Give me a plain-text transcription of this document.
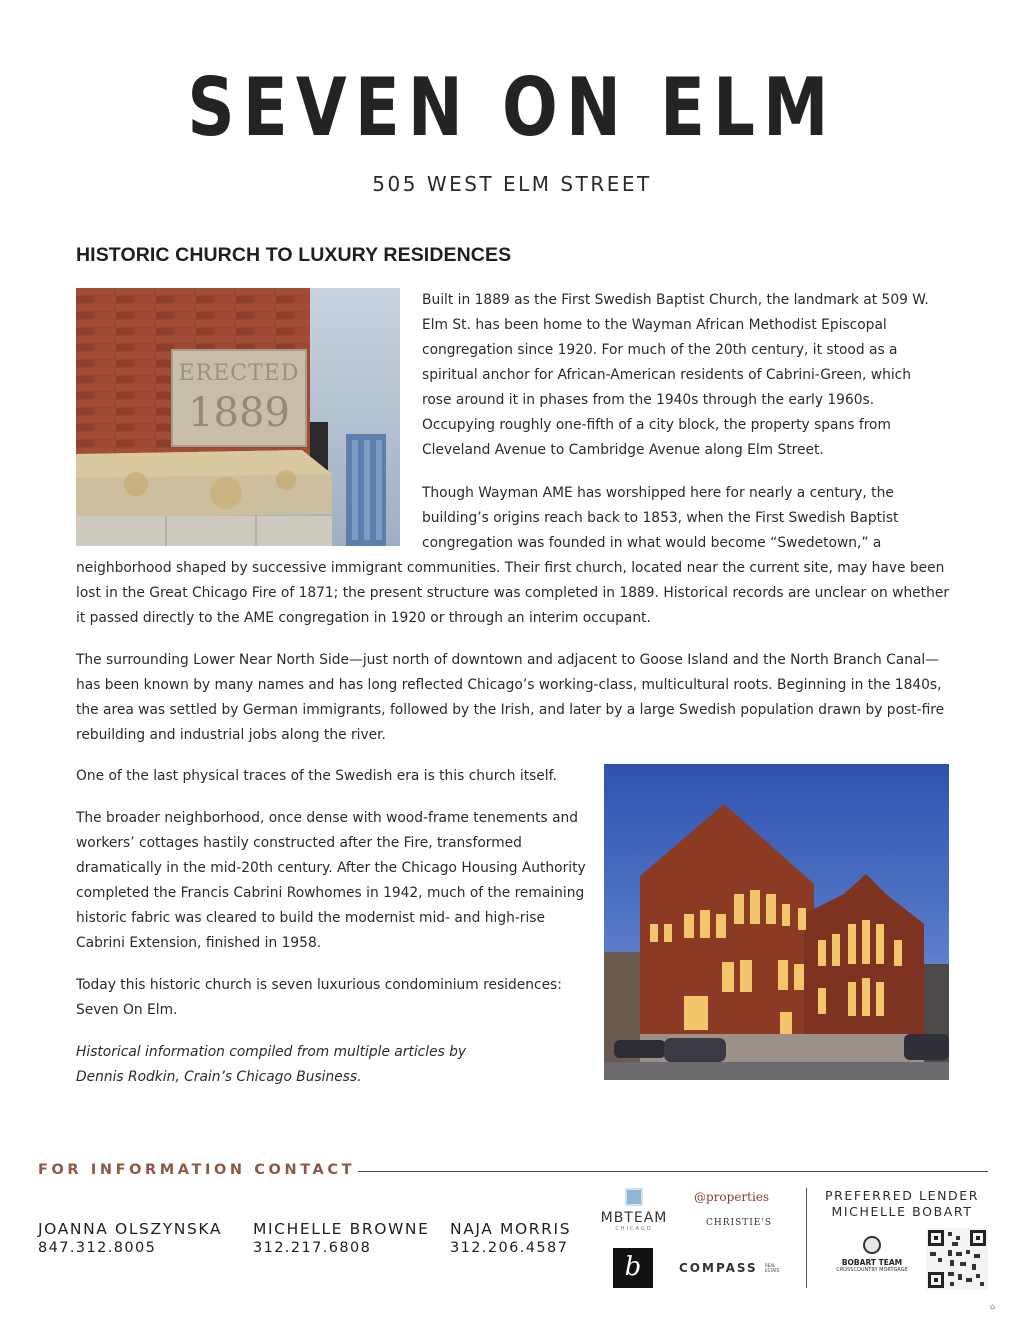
SEVEN ON ELM
505 WEST ELM STREET
HISTORIC CHURCH TO LUXURY RESIDENCES
ERECTED
1889

Built in 1889 as the First Swedish Baptist Church, the landmark at 509 W. Elm St. has been home to the Wayman African Methodist Episcopal congregation since 1920. For much of the 20th century, it stood as a spiritual anchor for African-American residents of Cabrini-Green, which rose around it in phases from the 1940s through the early 1960s. Occupying roughly one-fifth of a city block, the property spans from Cleveland Avenue to Cambridge Avenue along Elm Street.

Though Wayman AME has worshipped here for nearly a century, the building’s origins reach back to 1853, when the First Swedish Baptist congregation was founded in what would become “Swedetown,” a

neighborhood shaped by successive immigrant communities. Their first church, located near the current site, may have been lost in the Great Chicago Fire of 1871; the present structure was completed in 1889. Historical records are unclear on whether it passed directly to the AME congregation in 1920 or through an interim occupant.

The surrounding Lower Near North Side—just north of downtown and adjacent to Goose Island and the North Branch Canal—has been known by many names and has long reflected Chicago’s working-class, multicultural roots. Beginning in the 1840s, the area was settled by German immigrants, followed by the Irish, and later by a large Swedish population drawn by post-fire rebuilding and industrial jobs along the river.

One of the last physical traces of the Swedish era is this church itself.

The broader neighborhood, once dense with wood-frame tenements and workers’ cottages hastily constructed after the Fire, transformed dramatically in the mid-20th century. After the Chicago Housing Authority completed the Francis Cabrini Rowhomes in 1942, much of the remaining historic fabric was cleared to build the modernist mid- and high-rise Cabrini Extension, finished in 1958.

Today this historic church is seven luxurious condominium residences: Seven On Elm.

Historical information compiled from multiple articles by Dennis Rodkin, Crain’s Chicago Business.

FOR INFORMATION CONTACT
JOANNA OLSZYNSKA
847.312.8005
MICHELLE BROWNE
312.217.6808
NAJA MORRIS
312.206.4587
MBTEAM
CHICAGO
b
@properties
CHRISTIE'S
COMPASS REAL ESTATE
PREFERRED LENDER
MICHELLE BOBART
BOBART TEAM
CROSSCOUNTRY MORTGAGE
⌂
